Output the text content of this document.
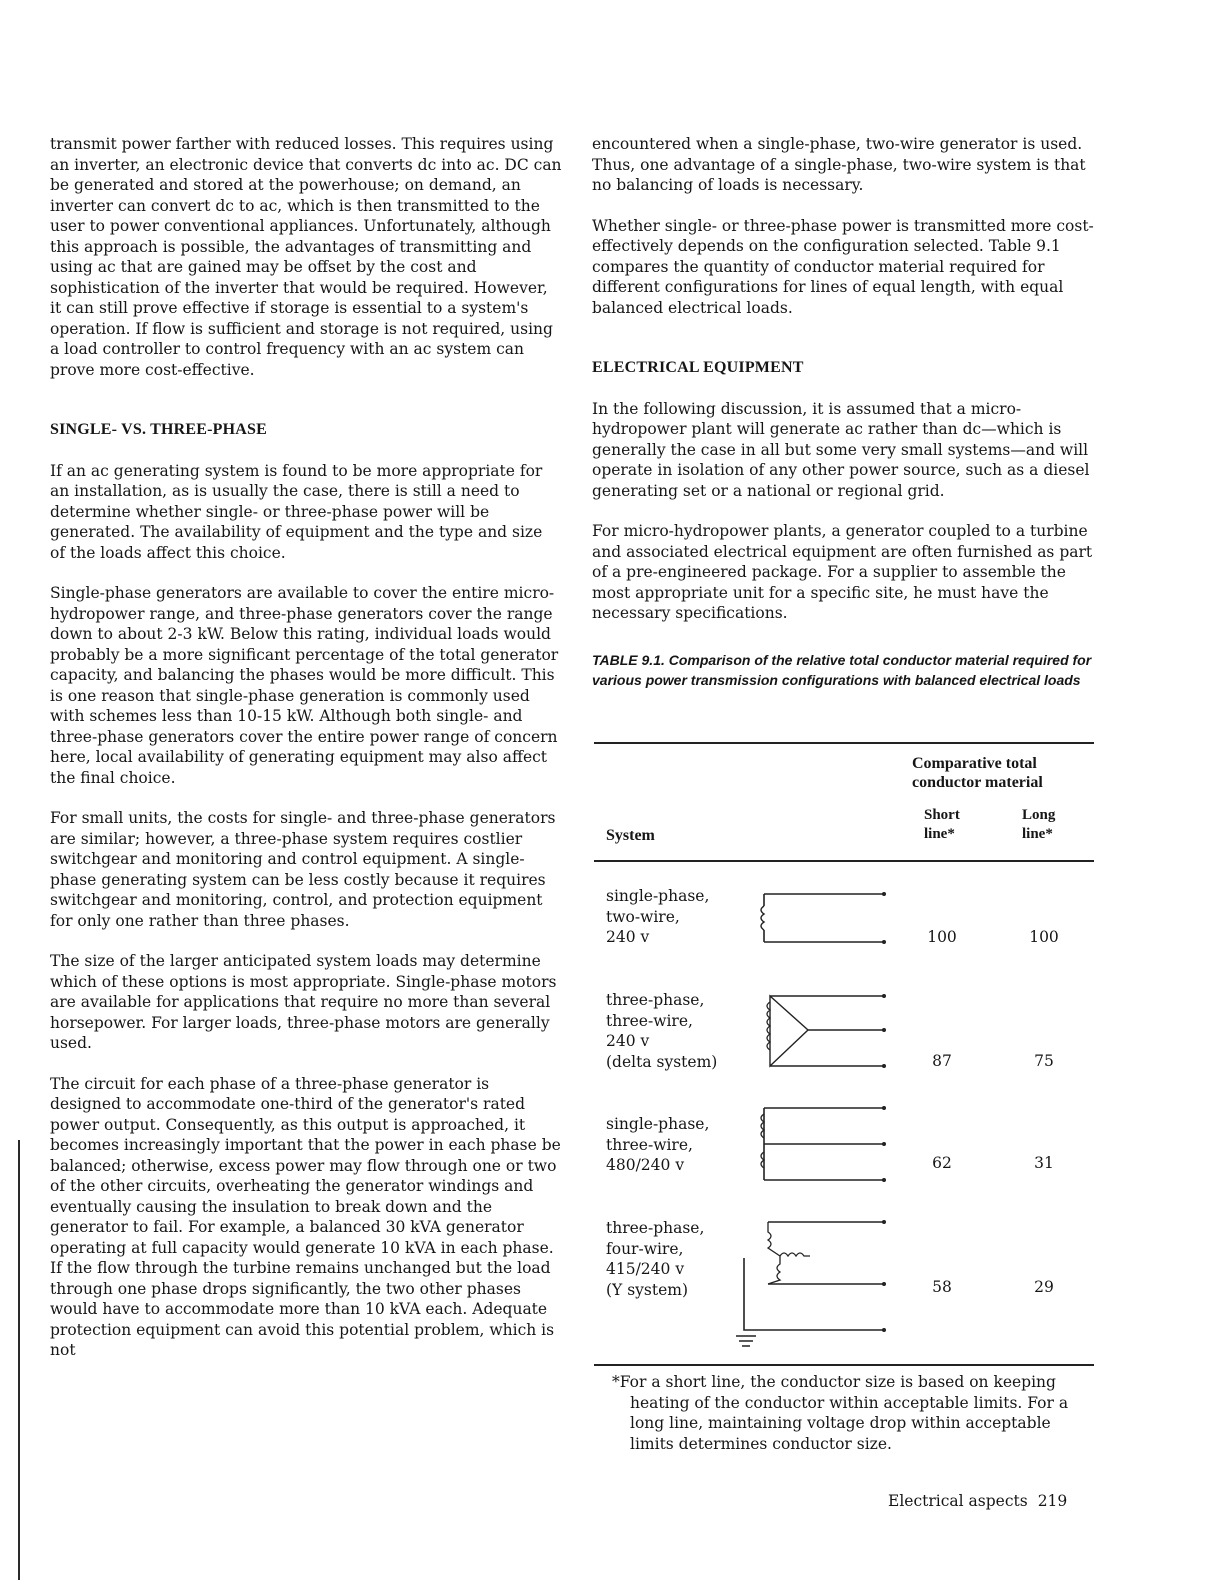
transmit power farther with reduced losses. This requires using an inverter, an electronic device that converts dc into ac. DC can be generated and stored at the powerhouse; on demand, an inverter can convert dc to ac, which is then transmitted to the user to power conventional appliances. Unfortunately, although this approach is possible, the advantages of transmitting and using ac that are gained may be offset by the cost and sophistication of the inverter that would be required. However, it can still prove effective if storage is essential to a system's operation. If flow is sufficient and storage is not required, using a load controller to control frequency with an ac system can prove more cost-effective.

SINGLE- VS. THREE-PHASE

If an ac generating system is found to be more appropriate for an installation, as is usually the case, there is still a need to determine whether single- or three-phase power will be generated. The availability of equipment and the type and size of the loads affect this choice.

Single-phase generators are available to cover the entire micro-hydropower range, and three-phase generators cover the range down to about 2-3 kW. Below this rating, individual loads would probably be a more significant percentage of the total generator capacity, and balancing the phases would be more difficult. This is one reason that single-phase generation is commonly used with schemes less than 10-15 kW. Although both single- and three-phase generators cover the entire power range of concern here, local availability of generating equipment may also affect the final choice.

For small units, the costs for single- and three-phase generators are similar; however, a three-phase system requires costlier switchgear and monitoring and control equipment. A single-phase generating system can be less costly because it requires switchgear and monitoring, control, and protection equipment for only one rather than three phases.

The size of the larger anticipated system loads may determine which of these options is most appropriate. Single-phase motors are available for applications that require no more than several horsepower. For larger loads, three-phase motors are generally used.

The circuit for each phase of a three-phase generator is designed to accommodate one-third of the generator's rated power output. Consequently, as this output is approached, it becomes increasingly important that the power in each phase be balanced; otherwise, excess power may flow through one or two of the other circuits, overheating the generator windings and eventually causing the insulation to break down and the generator to fail. For example, a balanced 30 kVA generator operating at full capacity would generate 10 kVA in each phase. If the flow through the turbine remains unchanged but the load through one phase drops significantly, the two other phases would have to accommodate more than 10 kVA each. Adequate protection equipment can avoid this potential problem, which is not

encountered when a single-phase, two-wire generator is used. Thus, one advantage of a single-phase, two-wire system is that no balancing of loads is necessary.

Whether single- or three-phase power is transmitted more cost-effectively depends on the configuration selected. Table 9.1 compares the quantity of conductor material required for different configurations for lines of equal length, with equal balanced electrical loads.

ELECTRICAL EQUIPMENT

In the following discussion, it is assumed that a micro-hydropower plant will generate ac rather than dc—which is generally the case in all but some very small systems—and will operate in isolation of any other power source, such as a diesel generating set or a national or regional grid.

For micro-hydropower plants, a generator coupled to a turbine and associated electrical equipment are often furnished as part of a pre-engineered package. For a supplier to assemble the most appropriate unit for a specific site, he must have the necessary specifications.

TABLE 9.1. Comparison of the relative total conductor material required for various power transmission configurations with balanced electrical loads
Comparative total
conductor material
System
Short line*
Long line*
single-phase,
two-wire,
240 v	100	100
three-phase,
three-wire,
240 v
(delta system)	87	75
single-phase,
three-wire,
480/240 v	62	31
three-phase,
four-wire,
415/240 v
(Y system)	58	29
*For a short line, the conductor size is based on keeping heating of the conductor within acceptable limits. For a long line, maintaining voltage drop within acceptable limits determines conductor size.
Electrical aspects 219
